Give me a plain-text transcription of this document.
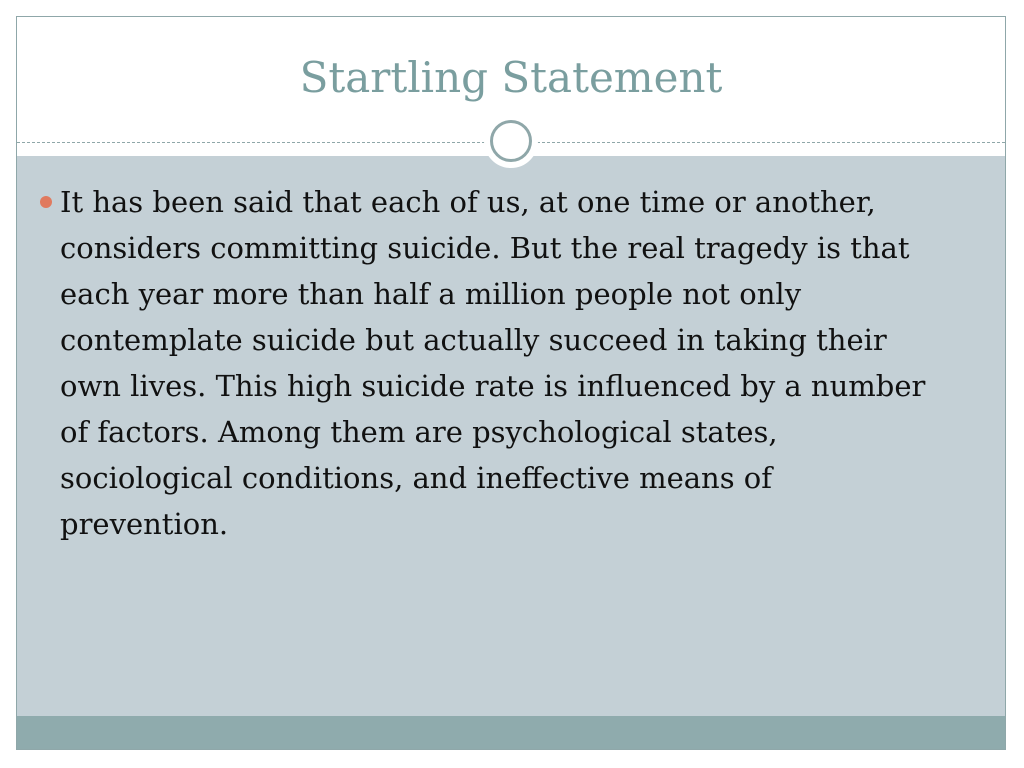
Startling Statement
It has been said that each of us, at one time or another, considers committing suicide. But the real tragedy is that each year more than half a million people not only contemplate suicide but actually succeed in taking their own lives. This high suicide rate is influenced by a number of factors. Among them are psychological states, sociological conditions, and ineffective means of prevention.
